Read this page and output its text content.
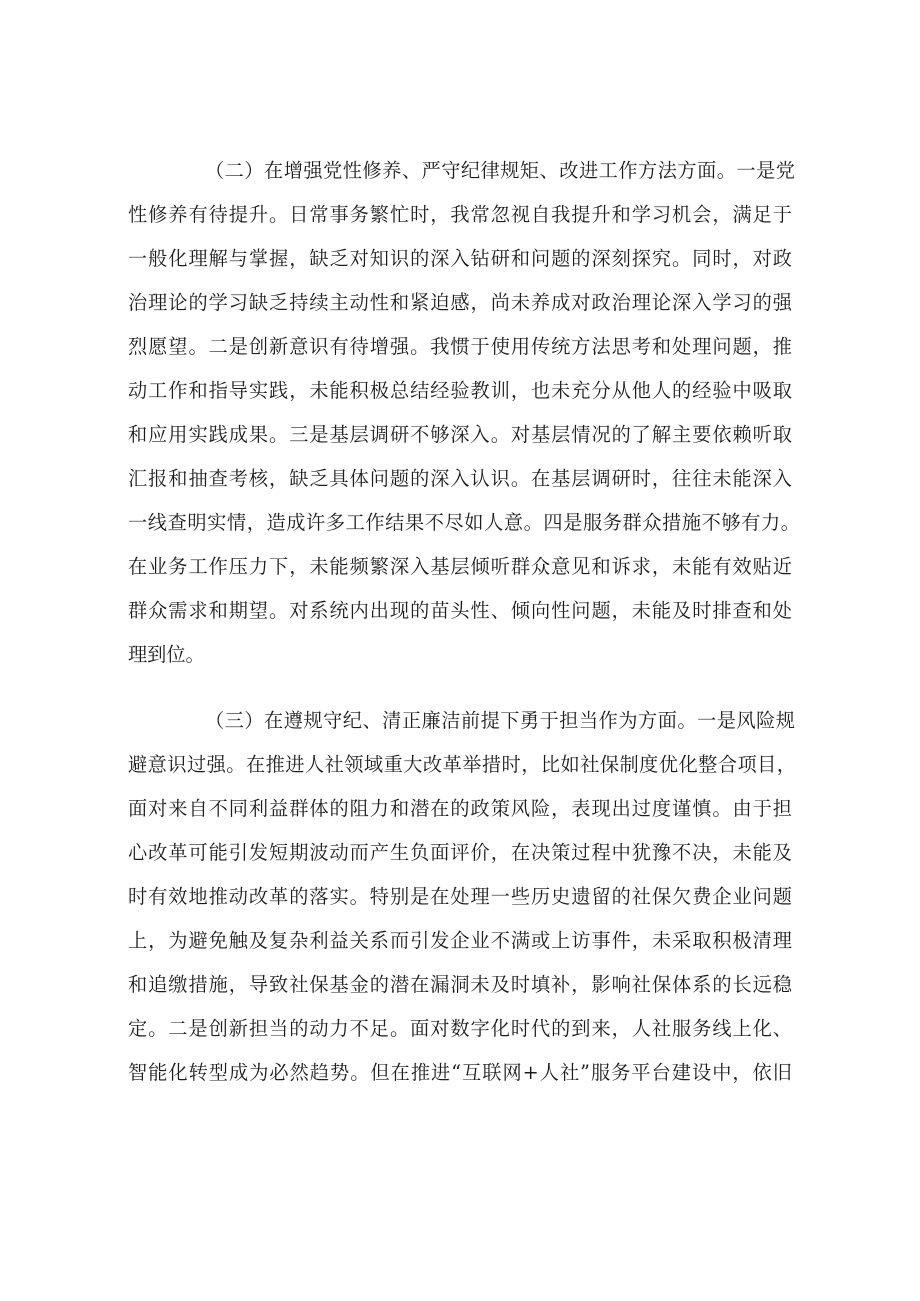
（二）在增强党性修养、严守纪律规矩、改进工作方法方面。一是党
性修养有待提升。日常事务繁忙时，我常忽视自我提升和学习机会，满足于
一般化理解与掌握，缺乏对知识的深入钻研和问题的深刻探究。同时，对政
治理论的学习缺乏持续主动性和紧迫感，尚未养成对政治理论深入学习的强
烈愿望。二是创新意识有待增强。我惯于使用传统方法思考和处理问题，推
动工作和指导实践，未能积极总结经验教训，也未充分从他人的经验中吸取
和应用实践成果。三是基层调研不够深入。对基层情况的了解主要依赖听取
汇报和抽查考核，缺乏具体问题的深入认识。在基层调研时，往往未能深入
一线查明实情，造成许多工作结果不尽如人意。四是服务群众措施不够有力。
在业务工作压力下，未能频繁深入基层倾听群众意见和诉求，未能有效贴近
群众需求和期望。对系统内出现的苗头性、倾向性问题，未能及时排查和处
理到位。
（三）在遵规守纪、清正廉洁前提下勇于担当作为方面。一是风险规
避意识过强。在推进人社领域重大改革举措时，比如社保制度优化整合项目，
面对来自不同利益群体的阻力和潜在的政策风险，表现出过度谨慎。由于担
心改革可能引发短期波动而产生负面评价，在决策过程中犹豫不决，未能及
时有效地推动改革的落实。特别是在处理一些历史遗留的社保欠费企业问题
上，为避免触及复杂利益关系而引发企业不满或上访事件，未采取积极清理
和追缴措施，导致社保基金的潜在漏洞未及时填补，影响社保体系的长远稳
定。二是创新担当的动力不足。面对数字化时代的到来，人社服务线上化、
智能化转型成为必然趋势。但在推进“互联网+人社”服务平台建设中，依旧
